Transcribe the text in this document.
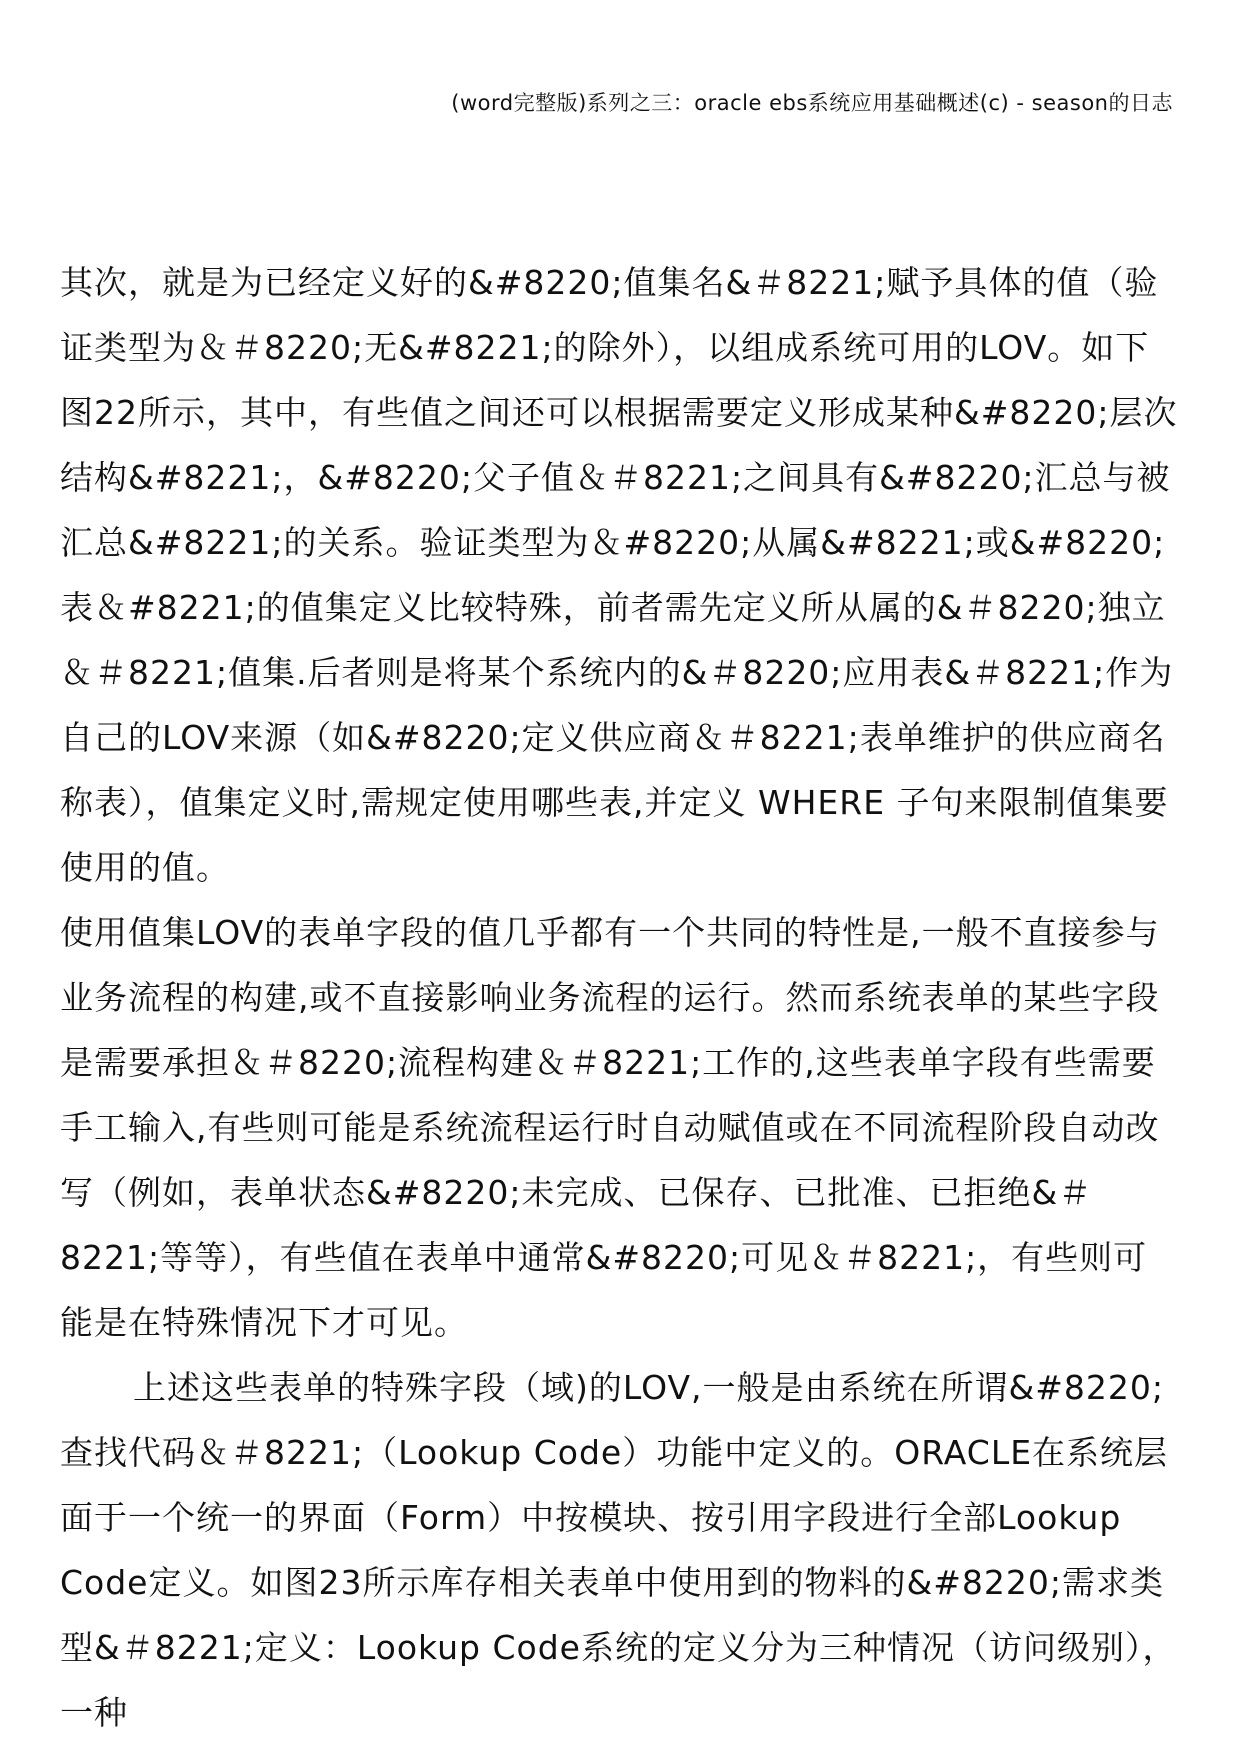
(word完整版)系列之三：oracle ebs系统应用基础概述(c) - season的日志

其次，就是为已经定义好的&#8220;值集名&＃8221;赋予具体的值（验证类型为＆＃8220;无&#8221;的除外），以组成系统可用的LOV。如下图22所示，其中，有些值之间还可以根据需要定义形成某种&#8220;层次结构&#8221;，&#8220;父子值＆＃8221;之间具有&#8220;汇总与被汇总&#8221;的关系。验证类型为＆#8220;从属&#8221;或&#8220;表＆#8221;的值集定义比较特殊，前者需先定义所从属的&＃8220;独立＆＃8221;值集.后者则是将某个系统内的&＃8220;应用表&＃8221;作为自己的LOV来源（如&#8220;定义供应商＆＃8221;表单维护的供应商名称表），值集定义时,需规定使用哪些表,并定义 WHERE 子句来限制值集要使用的值。

使用值集LOV的表单字段的值几乎都有一个共同的特性是,一般不直接参与业务流程的构建,或不直接影响业务流程的运行。然而系统表单的某些字段是需要承担＆＃8220;流程构建＆＃8221;工作的,这些表单字段有些需要手工输入,有些则可能是系统流程运行时自动赋值或在不同流程阶段自动改写（例如，表单状态&#8220;未完成、已保存、已批准、已拒绝&＃8221;等等），有些值在表单中通常&#8220;可见＆＃8221;，有些则可能是在特殊情况下才可见。

上述这些表单的特殊字段（域)的LOV,一般是由系统在所谓&#8220;查找代码＆＃8221;（Lookup Code）功能中定义的。ORACLE在系统层面于一个统一的界面（Form）中按模块、按引用字段进行全部Lookup Code定义。如图23所示库存相关表单中使用到的物料的&#8220;需求类型&＃8221;定义：Lookup Code系统的定义分为三种情况（访问级别），一种
